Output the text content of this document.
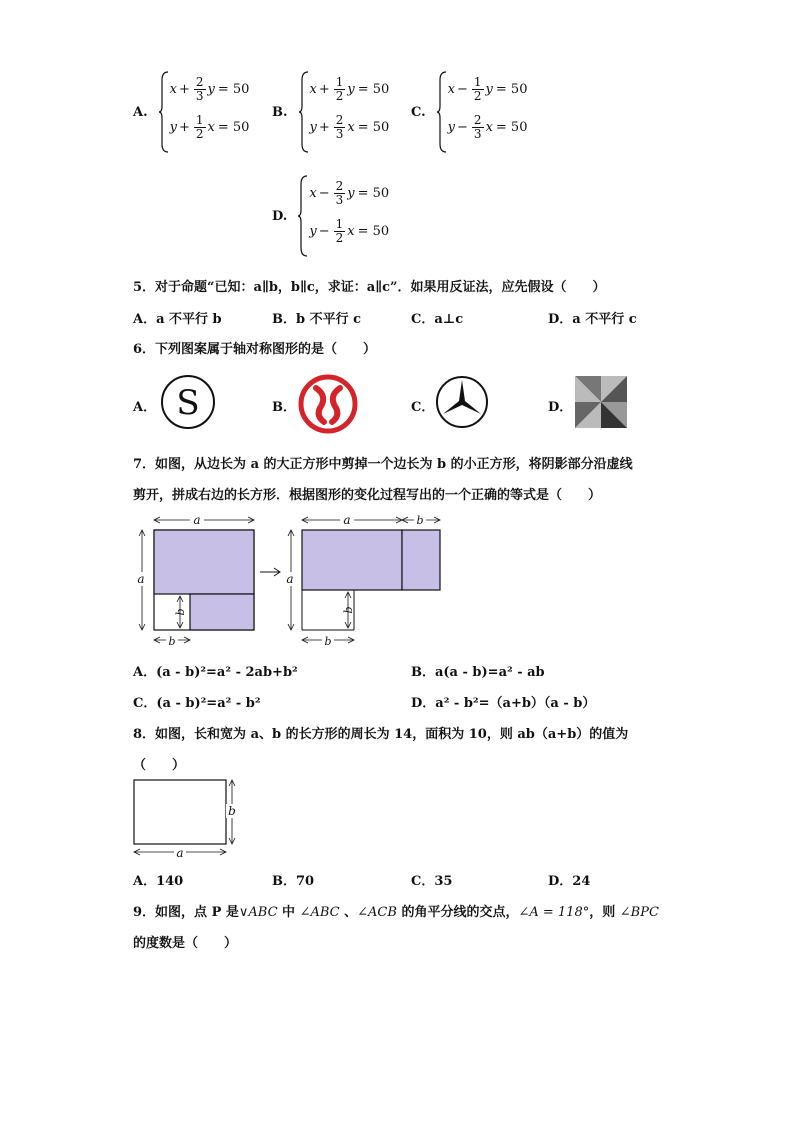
A.
$x + \frac{2}{3}$ y = 50
$y + \frac{1}{2}$ x = 50
B.
$x + \frac{1}{2}$ y = 50
$y + \frac{2}{3}$ x = 50
C.
$x - \frac{1}{2}$ y = 50
$y - \frac{2}{3}$ x = 50
D.
$x - \frac{2}{3}$ y = 50
$y - \frac{1}{2}$ x = 50
5．对于命题“已知：a∥b，b∥c，求证：a∥c”．如果用反证法，应先假设（　　）
A．a 不平行 b	B．b 不平行 c	C．a⊥c	D．a 不平行 c
6．下列图案属于轴对称图形的是（　　）
A． S	B．	C．	D．
7．如图，从边长为 a 的大正方形中剪掉一个边长为 b 的小正方形，将阴影部分沿虚线
剪开，拼成右边的长方形．根据图形的变化过程写出的一个正确的等式是（　　）
a
a
b
b
a	b
a
b
b
A．(a - b)²=a² - 2ab+b²	B．a(a - b)=a² - ab
C．(a - b)²=a² - b²	D．a² - b²=（a+b）（a - b）
8．如图，长和宽为 a、b 的长方形的周长为 14，面积为 10，则 ab（a+b）的值为
（　　）
b
a
A．140	B．70	C．35	D．24
9．如图，点 P 是∨ABC 中 ∠ABC 、∠ACB 的角平分线的交点，∠A = 118°，则 ∠BPC
的度数是（　　）
